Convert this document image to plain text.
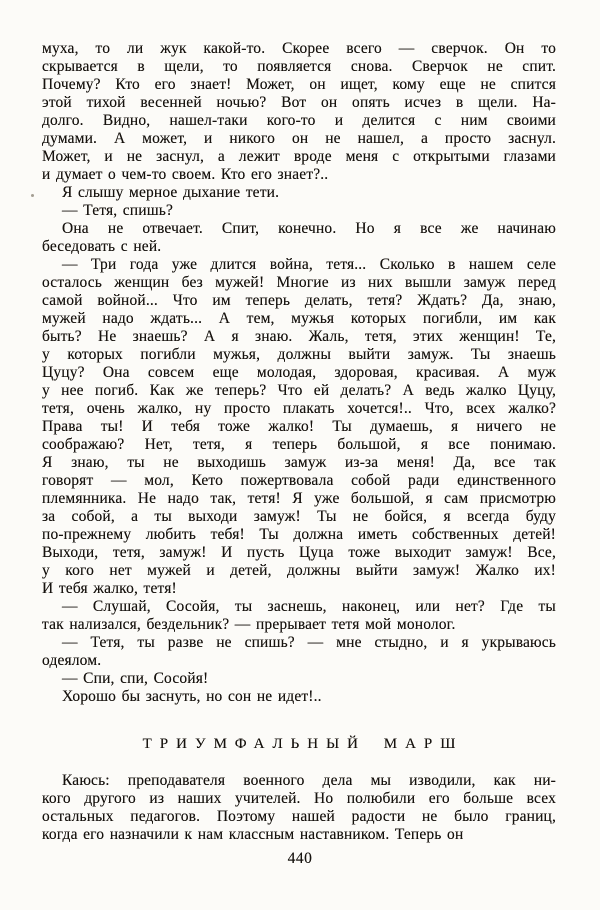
муха, то ли жук какой-то. Скорее всего — сверчок. Он то
скрывается в щели, то появляется снова. Сверчок не спит.
Почему? Кто его знает! Может, он ищет, кому еще не спится
этой тихой весенней ночью? Вот он опять исчез в щели. На-
долго. Видно, нашел-таки кого-то и делится с ним своими
думами. А может, и никого он не нашел, а просто заснул.
Может, и не заснул, а лежит вроде меня с открытыми глазами
и думает о чем-то своем. Кто его знает?..

Я слышу мерное дыхание тети.

— Тетя, спишь?

Она не отвечает. Спит, конечно. Но я все же начинаю
беседовать с ней.

— Три года уже длится война, тетя... Сколько в нашем селе
осталось женщин без мужей! Многие из них вышли замуж перед
самой войной... Что им теперь делать, тетя? Ждать? Да, знаю,
мужей надо ждать... А тем, мужья которых погибли, им как
быть? Не знаешь? А я знаю. Жаль, тетя, этих женщин! Те,
у которых погибли мужья, должны выйти замуж. Ты знаешь
Цуцу? Она совсем еще молодая, здоровая, красивая. А муж
у нее погиб. Как же теперь? Что ей делать? А ведь жалко Цуцу,
тетя, очень жалко, ну просто плакать хочется!.. Что, всех жалко?
Права ты! И тебя тоже жалко! Ты думаешь, я ничего не
соображаю? Нет, тетя, я теперь большой, я все понимаю.
Я знаю, ты не выходишь замуж из-за меня! Да, все так
говорят — мол, Кето пожертвовала собой ради единственного
племянника. Не надо так, тетя! Я уже большой, я сам присмотрю
за собой, а ты выходи замуж! Ты не бойся, я всегда буду
по-прежнему любить тебя! Ты должна иметь собственных детей!
Выходи, тетя, замуж! И пусть Цуца тоже выходит замуж! Все,
у кого нет мужей и детей, должны выйти замуж! Жалко их!
И тебя жалко, тетя!

— Слушай, Сосойя, ты заснешь, наконец, или нет? Где ты
так нализался, бездельник? — прерывает тетя мой монолог.

— Тетя, ты разве не спишь? — мне стыдно, и я укрываюсь
одеялом.

— Спи, спи, Сосойя!

Хорошо бы заснуть, но сон не идет!..

ТРИУМФАЛЬНЫЙ МАРШ

Каюсь: преподавателя военного дела мы изводили, как ни-
кого другого из наших учителей. Но полюбили его больше всех
остальных педагогов. Поэтому нашей радости не было границ,
когда его назначили к нам классным наставником. Теперь он

440
